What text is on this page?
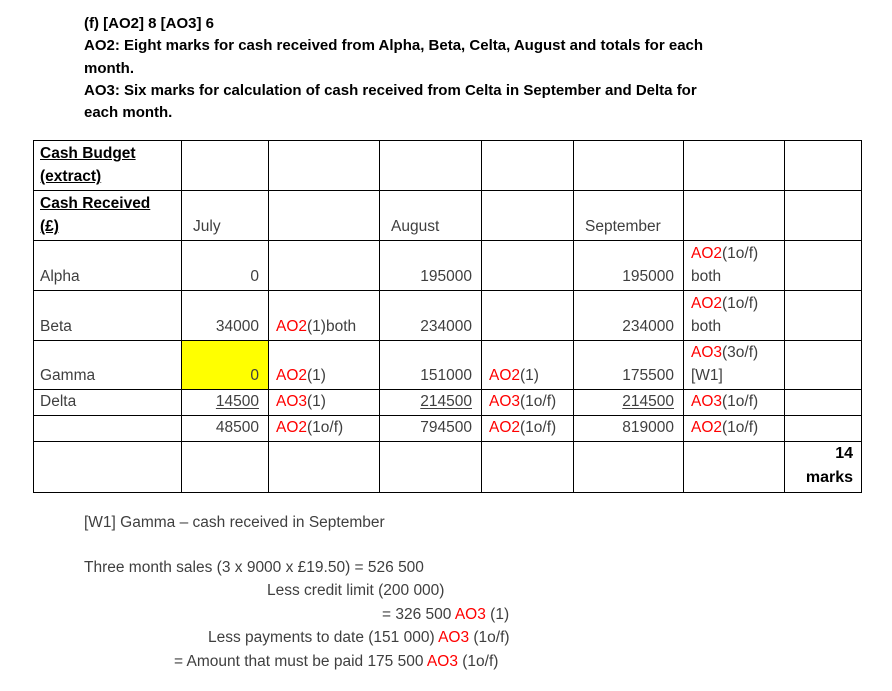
(f) [AO2] 8 [AO3] 6
AO2: Eight marks for cash received from Alpha, Beta, Celta, August and totals for each
month.
AO3: Six marks for calculation of cash received from Celta in September and Delta for
each month.
Cash Budget
(extract)							

Cash Received
(£)	July		August		September		
Alpha	0		195000		195000	AO2(1o/f)
both	

Beta	34000	AO2(1)both	234000		234000	AO2(1o/f)
both	

Gamma	0	AO2(1)	151000	AO2(1)	175500	AO3(3o/f)
[W1]	

Delta	14500	AO3(1)	214500	AO3(1o/f)	214500	AO3(1o/f)	

	48500	AO2(1o/f)	794500	AO2(1o/f)	819000	AO2(1o/f)	

							14
marks
[W1] Gamma – cash received in September
Three month sales (3 x 9000 x £19.50) = 526 500
Less credit limit (200 000)
= 326 500 AO3 (1)
Less payments to date (151 000) AO3 (1o/f)
= Amount that must be paid 175 500 AO3 (1o/f)
